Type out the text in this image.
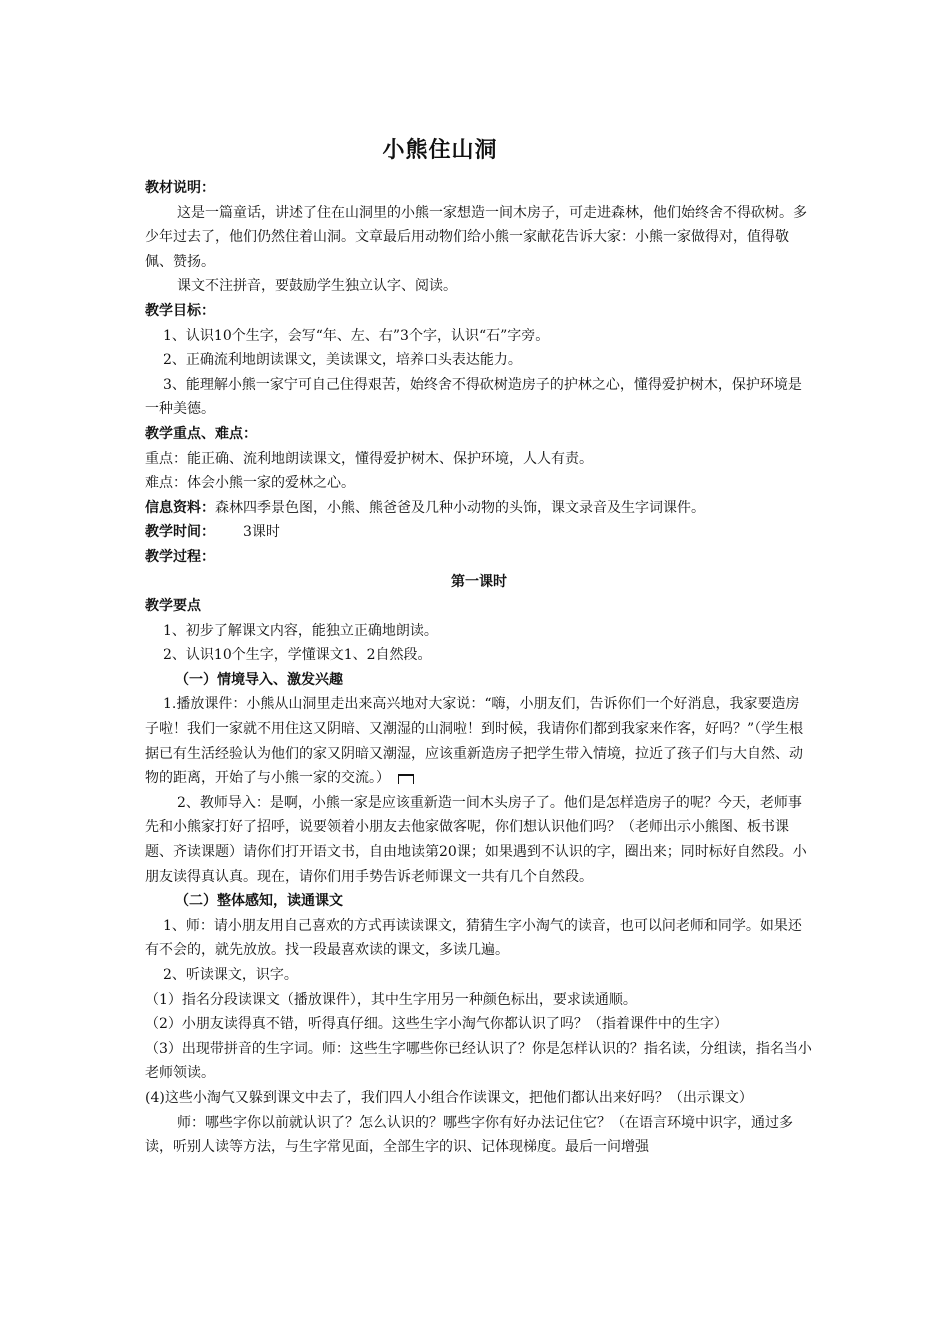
小熊住山洞

教材说明：

这是一篇童话，讲述了住在山洞里的小熊一家想造一间木房子，可走进森林，他们始终舍不得砍树。多少年过去了，他们仍然住着山洞。文章最后用动物们给小熊一家献花告诉大家：小熊一家做得对，值得敬佩、赞扬。

课文不注拼音，要鼓励学生独立认字、阅读。

教学目标：

1、认识10个生字，会写“年、左、右”3个字，认识“石”字旁。

2、正确流利地朗读课文，美读课文，培养口头表达能力。

3、能理解小熊一家宁可自己住得艰苦，始终舍不得砍树造房子的护林之心，懂得爱护树木，保护环境是一种美德。

教学重点、难点：

重点：能正确、流利地朗读课文，懂得爱护树木、保护环境，人人有责。

难点：体会小熊一家的爱林之心。

信息资料：森林四季景色图，小熊、熊爸爸及几种小动物的头饰，课文录音及生字词课件。

教学时间： 3课时

教学过程：

第一课时

教学要点

1、初步了解课文内容，能独立正确地朗读。

2、认识10个生字，学懂课文1、2自然段。

（一）情境导入、激发兴趣

1.播放课件：小熊从山洞里走出来高兴地对大家说：“嗨，小朋友们，告诉你们一个好消息，我家要造房子啦！我们一家就不用住这又阴暗、又潮湿的山洞啦！到时候，我请你们都到我家来作客，好吗？”（学生根据已有生活经验认为他们的家又阴暗又潮湿，应该重新造房子把学生带入情境，拉近了孩子们与大自然、动物的距离，开始了与小熊一家的交流。）

2、教师导入：是啊，小熊一家是应该重新造一间木头房子了。他们是怎样造房子的呢？今天，老师事先和小熊家打好了招呼，说要领着小朋友去他家做客呢，你们想认识他们吗？（老师出示小熊图、板书课题、齐读课题）请你们打开语文书，自由地读第20课；如果遇到不认识的字，圈出来；同时标好自然段。小朋友读得真认真。现在，请你们用手势告诉老师课文一共有几个自然段。

（二）整体感知，读通课文

1、师：请小朋友用自己喜欢的方式再读读课文，猜猜生字小淘气的读音，也可以问老师和同学。如果还有不会的，就先放放。找一段最喜欢读的课文，多读几遍。

2、听读课文，识字。

（1）指名分段读课文（播放课件），其中生字用另一种颜色标出，要求读通顺。

（2）小朋友读得真不错，听得真仔细。这些生字小淘气你都认识了吗？（指着课件中的生字）

（3）出现带拼音的生字词。师：这些生字哪些你已经认识了？你是怎样认识的？指名读，分组读，指名当小老师领读。

(4)这些小淘气又躲到课文中去了，我们四人小组合作读课文，把他们都认出来好吗？（出示课文）

师：哪些字你以前就认识了？怎么认识的？哪些字你有好办法记住它？（在语言环境中识字，通过多读，听别人读等方法，与生字常见面，全部生字的识、记体现梯度。最后一问增强
